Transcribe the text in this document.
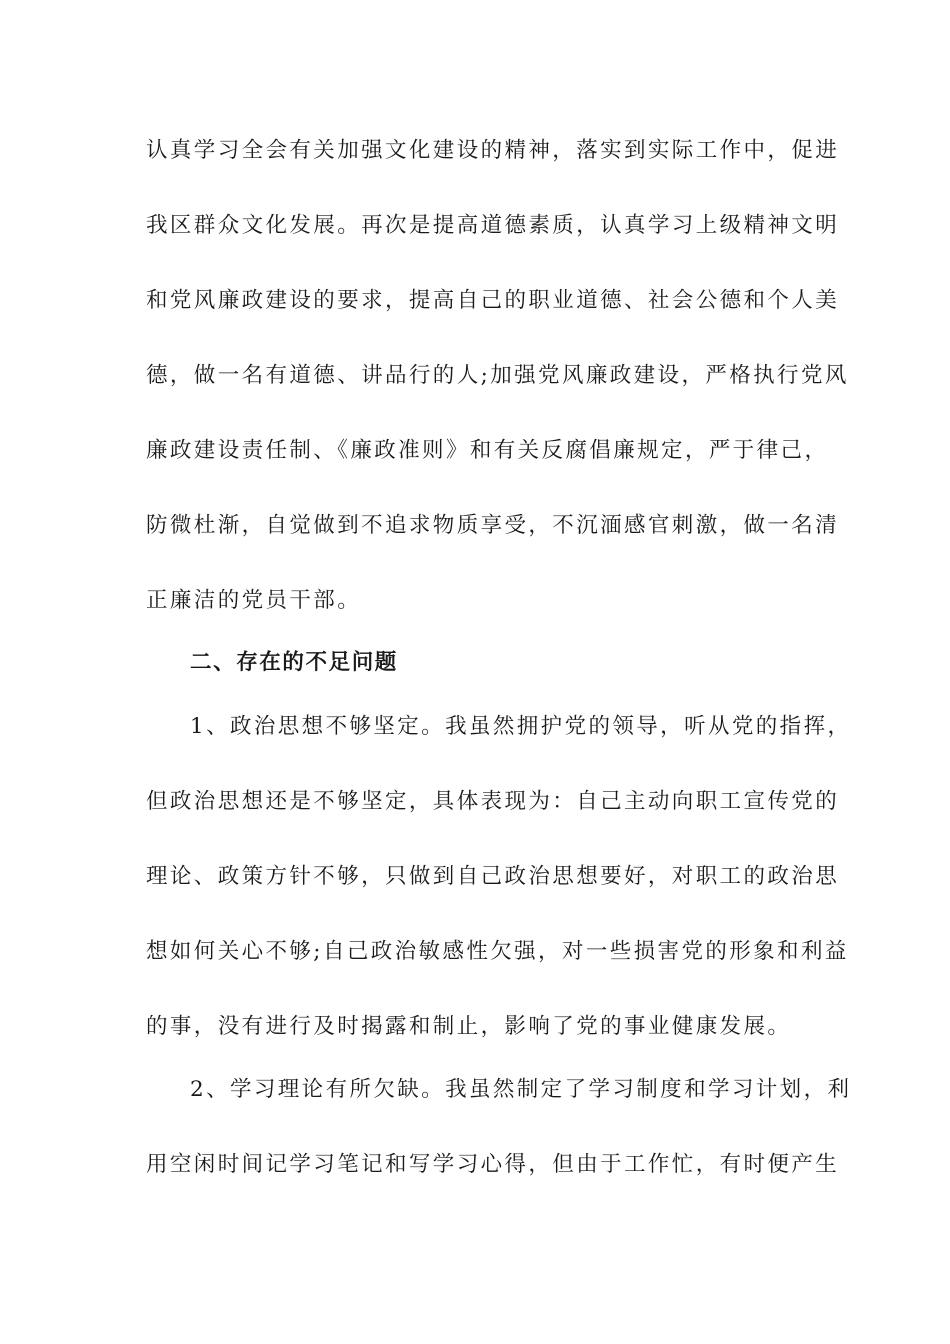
认真学习全会有关加强文化建设的精神，落实到实际工作中，促进
我区群众文化发展。再次是提高道德素质，认真学习上级精神文明
和党风廉政建设的要求，提高自己的职业道德、社会公德和个人美
德，做一名有道德、讲品行的人;加强党风廉政建设，严格执行党风
廉政建设责任制、《廉政准则》和有关反腐倡廉规定，严于律己，
防微杜渐，自觉做到不追求物质享受，不沉湎感官刺激，做一名清
正廉洁的党员干部。
二、存在的不足问题
1、政治思想不够坚定。我虽然拥护党的领导，听从党的指挥，
但政治思想还是不够坚定，具体表现为：自己主动向职工宣传党的
理论、政策方针不够，只做到自己政治思想要好，对职工的政治思
想如何关心不够;自己政治敏感性欠强，对一些损害党的形象和利益
的事，没有进行及时揭露和制止，影响了党的事业健康发展。
2、学习理论有所欠缺。我虽然制定了学习制度和学习计划，利
用空闲时间记学习笔记和写学习心得，但由于工作忙，有时便产生
